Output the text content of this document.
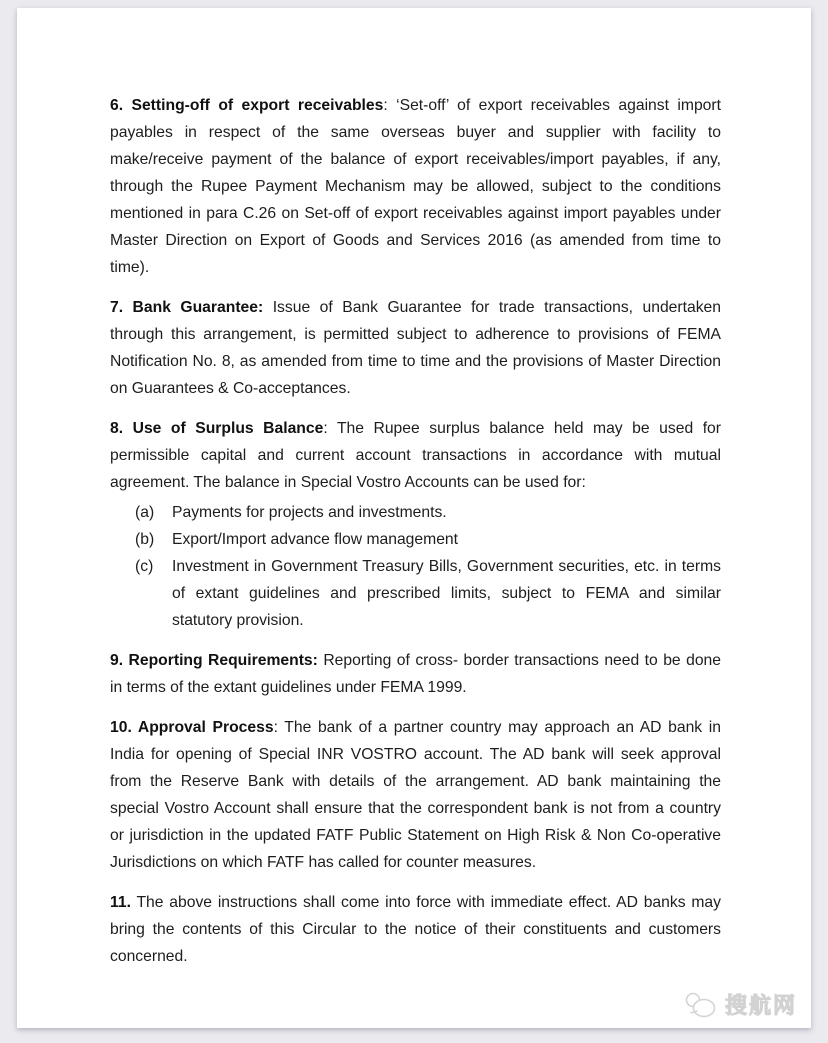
6. Setting-off of export receivables: ‘Set-off’ of export receivables against import payables in respect of the same overseas buyer and supplier with facility to make/receive payment of the balance of export receivables/import payables, if any, through the Rupee Payment Mechanism may be allowed, subject to the conditions mentioned in para C.26 on Set-off of export receivables against import payables under Master Direction on Export of Goods and Services 2016 (as amended from time to time).

7. Bank Guarantee: Issue of Bank Guarantee for trade transactions, undertaken through this arrangement, is permitted subject to adherence to provisions of FEMA Notification No. 8, as amended from time to time and the provisions of Master Direction on Guarantees & Co-acceptances.

8. Use of Surplus Balance: The Rupee surplus balance held may be used for permissible capital and current account transactions in accordance with mutual agreement. The balance in Special Vostro Accounts can be used for:

(a)	Payments for projects and investments.
(b)	Export/Import advance flow management
(c)	Investment in Government Treasury Bills, Government securities, etc. in terms of extant guidelines and prescribed limits, subject to FEMA and similar statutory provision.

9. Reporting Requirements: Reporting of cross- border transactions need to be done in terms of the extant guidelines under FEMA 1999.

10. Approval Process: The bank of a partner country may approach an AD bank in India for opening of Special INR VOSTRO account. The AD bank will seek approval from the Reserve Bank with details of the arrangement. AD bank maintaining the special Vostro Account shall ensure that the correspondent bank is not from a country or jurisdiction in the updated FATF Public Statement on High Risk & Non Co-operative Jurisdictions on which FATF has called for counter measures.

11. The above instructions shall come into force with immediate effect. AD banks may bring the contents of this Circular to the notice of their constituents and customers concerned.

搜航网
